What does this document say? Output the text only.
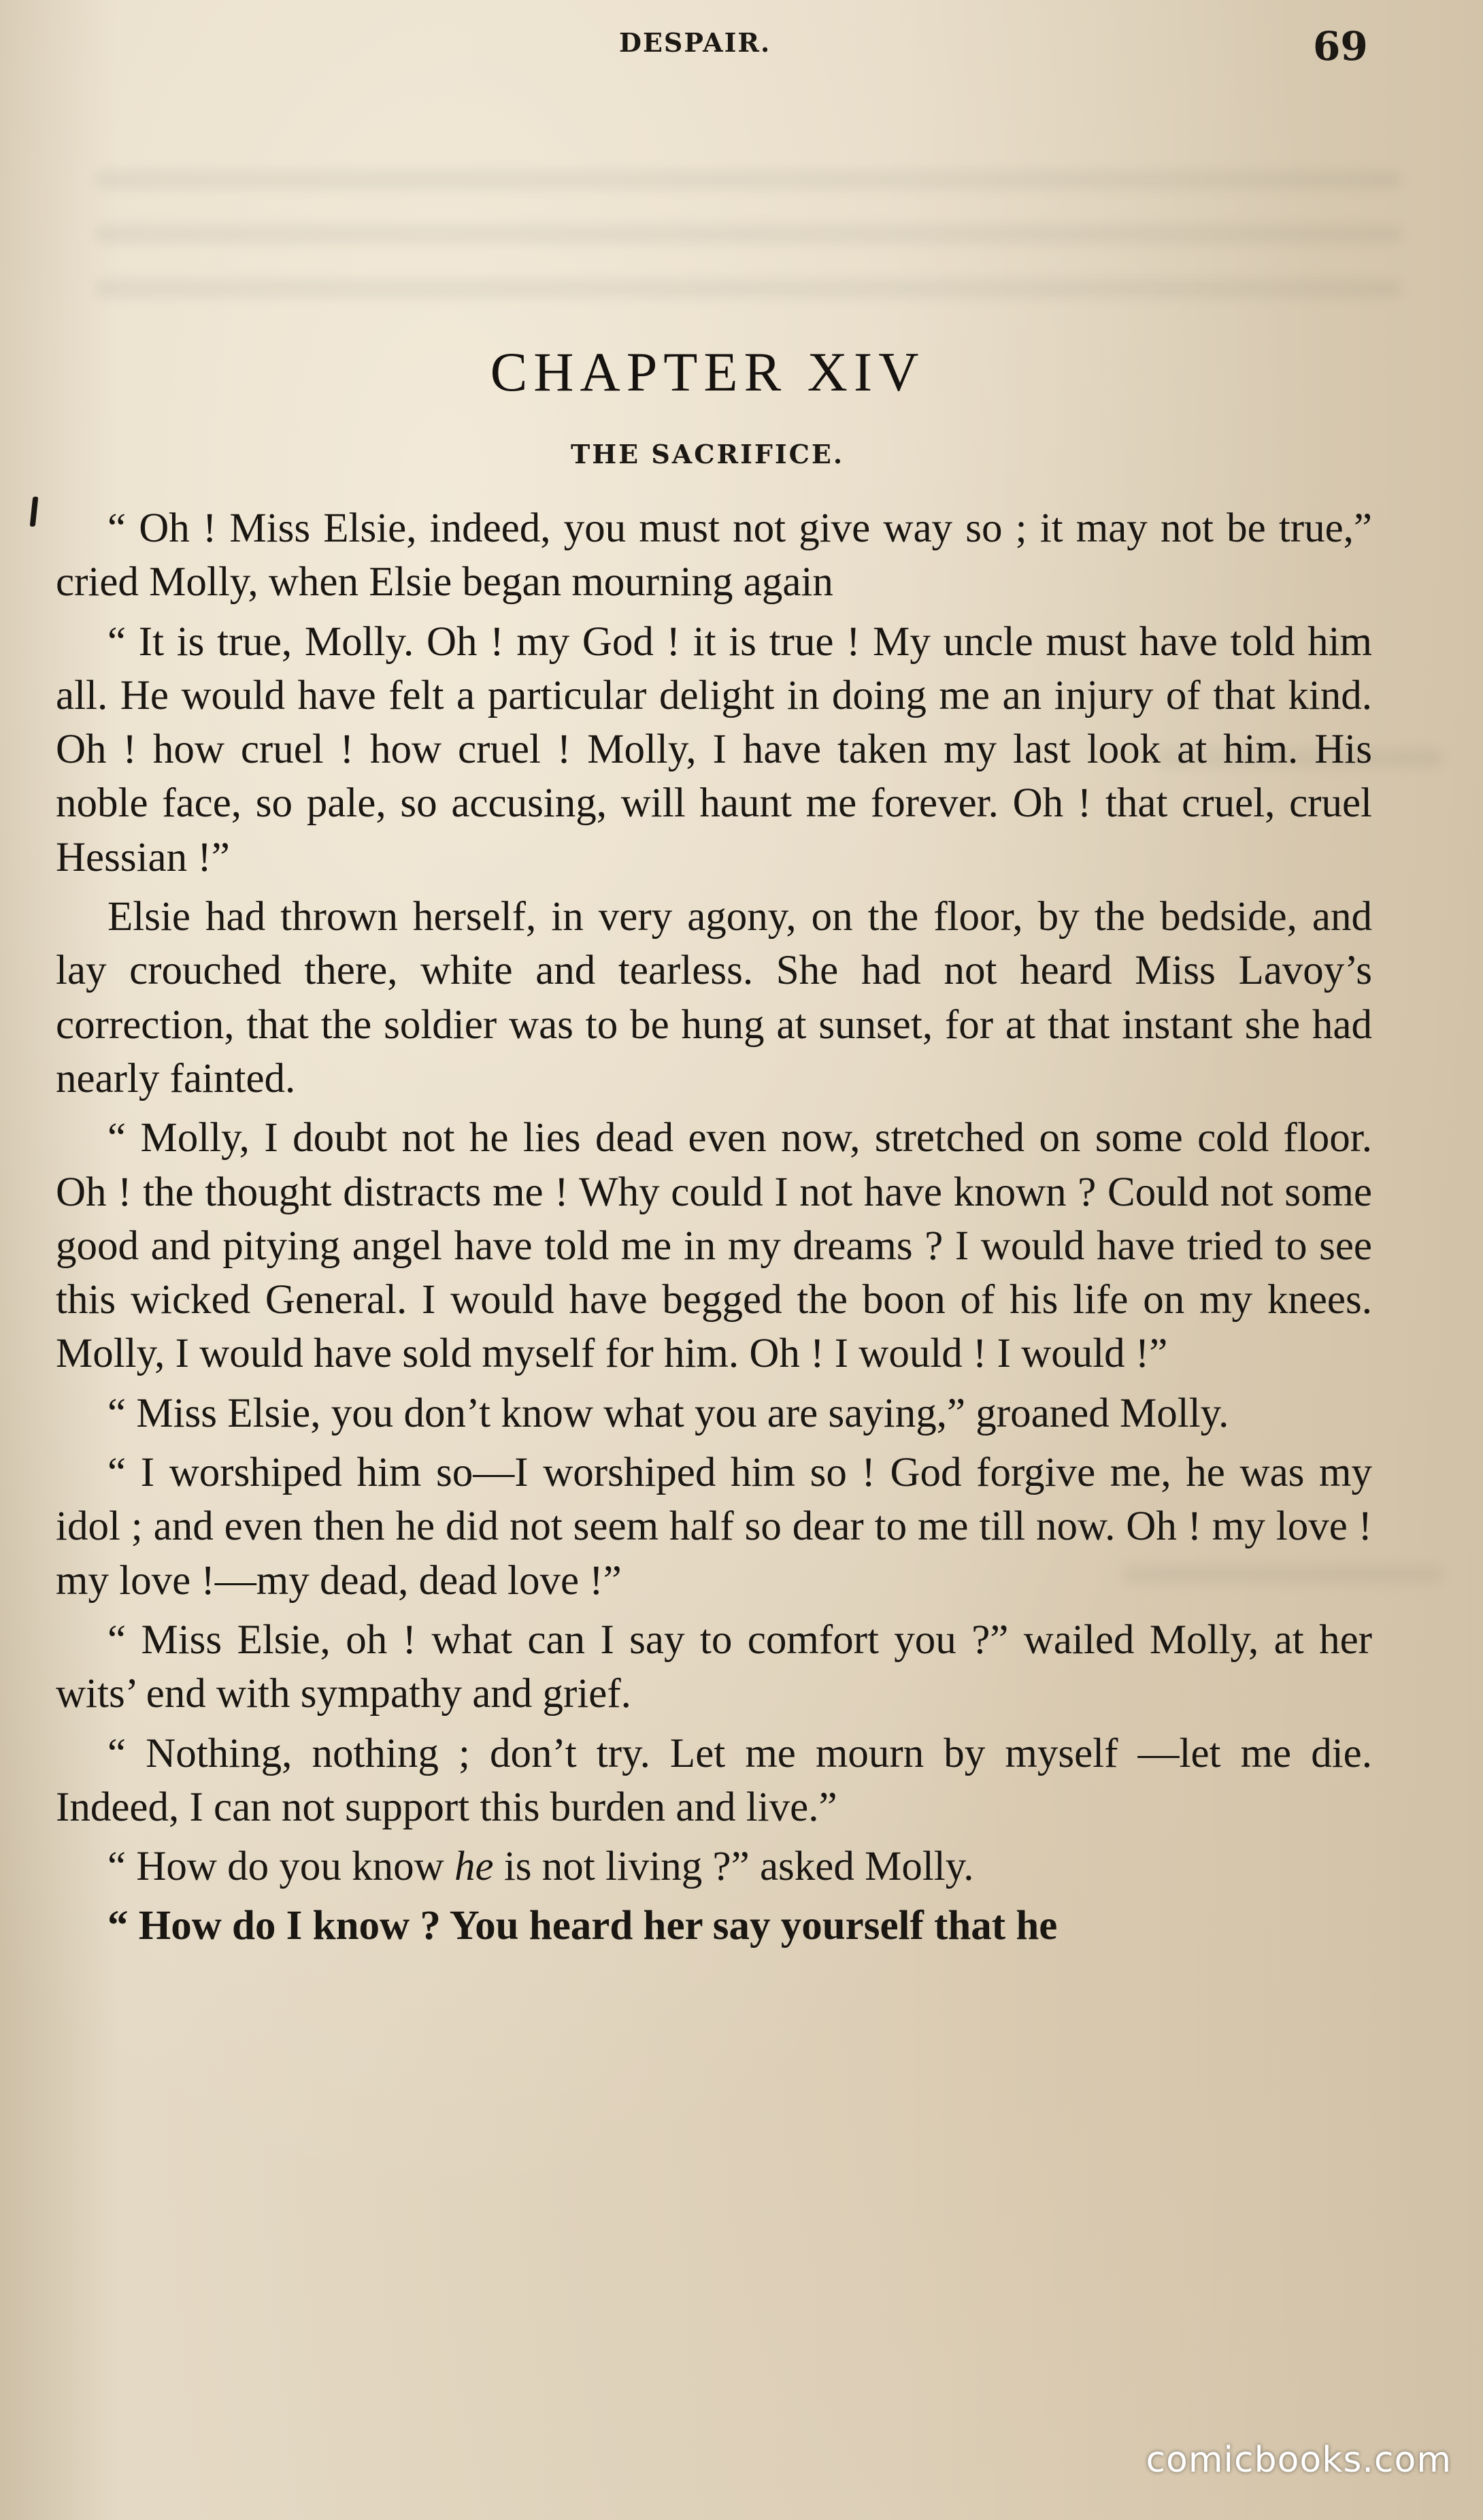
DESPAIR.	69
CHAPTER XIV
THE SACRIFICE.

“ Oh ! Miss Elsie, indeed, you must not give way so ; it may not be true,” cried Molly, when Elsie began mourning again

“ It is true, Molly. Oh ! my God ! it is true ! My uncle must have told him all. He would have felt a particular delight in doing me an injury of that kind. Oh ! how cruel ! how cruel ! Molly, I have taken my last look at him. His noble face, so pale, so accusing, will haunt me forever. Oh ! that cruel, cruel Hessian !”

Elsie had thrown herself, in very agony, on the floor, by the bedside, and lay crouched there, white and tearless. She had not heard Miss Lavoy’s correction, that the soldier was to be hung at sunset, for at that instant she had nearly fainted.

“ Molly, I doubt not he lies dead even now, stretched on some cold floor. Oh ! the thought distracts me ! Why could I not have known ? Could not some good and pitying angel have told me in my dreams ? I would have tried to see this wicked General. I would have begged the boon of his life on my knees. Molly, I would have sold myself for him. Oh ! I would ! I would !”

“ Miss Elsie, you don’t know what you are saying,” groaned Molly.

“ I worshiped him so—I worshiped him so ! God forgive me, he was my idol ; and even then he did not seem half so dear to me till now. Oh ! my love ! my love !—my dead, dead love !”

“ Miss Elsie, oh ! what can I say to comfort you ?” wailed Molly, at her wits’ end with sympathy and grief.

“ Nothing, nothing ; don’t try. Let me mourn by myself —let me die. Indeed, I can not support this burden and live.”

“ How do you know he is not living ?” asked Molly.

“ How do I know ? You heard her say yourself that he

comicbooks.com
